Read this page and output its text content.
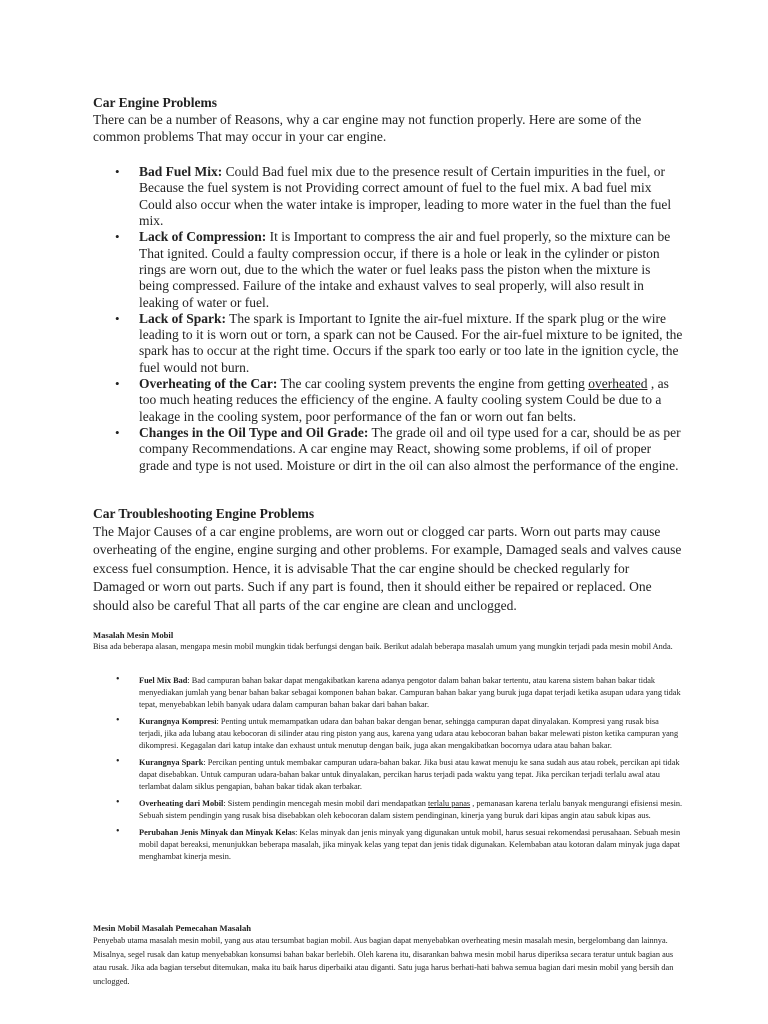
Car Engine Problems

There can be a number of Reasons, why a car engine may not function properly. Here are some of the common problems That may occur in your car engine.

• Bad Fuel Mix: Could Bad fuel mix due to the presence result of Certain impurities in the fuel, or Because the fuel system is not Providing correct amount of fuel to the fuel mix. A bad fuel mix Could also occur when the water intake is improper, leading to more water in the fuel than the fuel mix.
• Lack of Compression: It is Important to compress the air and fuel properly, so the mixture can be That ignited. Could a faulty compression occur, if there is a hole or leak in the cylinder or piston rings are worn out, due to the which the water or fuel leaks pass the piston when the mixture is being compressed. Failure of the intake and exhaust valves to seal properly, will also result in leaking of water or fuel.
• Lack of Spark: The spark is Important to Ignite the air-fuel mixture. If the spark plug or the wire leading to it is worn out or torn, a spark can not be Caused. For the air-fuel mixture to be ignited, the spark has to occur at the right time. Occurs if the spark too early or too late in the ignition cycle, the fuel would not burn.
• Overheating of the Car: The car cooling system prevents the engine from getting overheated , as too much heating reduces the efficiency of the engine. A faulty cooling system Could be due to a leakage in the cooling system, poor performance of the fan or worn out fan belts.
• Changes in the Oil Type and Oil Grade: The grade oil and oil type used for a car, should be as per company Recommendations. A car engine may React, showing some problems, if oil of proper grade and type is not used. Moisture or dirt in the oil can also almost the performance of the engine.
Car Troubleshooting Engine Problems

The Major Causes of a car engine problems, are worn out or clogged car parts. Worn out parts may cause overheating of the engine, engine surging and other problems. For example, Damaged seals and valves cause excess fuel consumption. Hence, it is advisable That the car engine should be checked regularly for Damaged or worn out parts. Such if any part is found, then it should either be repaired or replaced. One should also be careful That all parts of the car engine are clean and unclogged.

Masalah Mesin Mobil

Bisa ada beberapa alasan, mengapa mesin mobil mungkin tidak berfungsi dengan baik. Berikut adalah beberapa masalah umum yang mungkin terjadi pada mesin mobil Anda.

• Fuel Mix Bad: Bad campuran bahan bakar dapat mengakibatkan karena adanya pengotor dalam bahan bakar tertentu, atau karena sistem bahan bakar tidak menyediakan jumlah yang benar bahan bakar sebagai komponen bahan bakar. Campuran bahan bakar yang buruk juga dapat terjadi ketika asupan udara yang tidak tepat, menyebabkan lebih banyak udara dalam campuran bahan bakar dari bahan bakar.
• Kurangnya Kompresi: Penting untuk memampatkan udara dan bahan bakar dengan benar, sehingga campuran dapat dinyalakan. Kompresi yang rusak bisa terjadi, jika ada lubang atau kebocoran di silinder atau ring piston yang aus, karena yang udara atau kebocoran bahan bakar melewati piston ketika campuran yang dikompresi. Kegagalan dari katup intake dan exhaust untuk menutup dengan baik, juga akan mengakibatkan bocornya udara atau bahan bakar.
• Kurangnya Spark: Percikan penting untuk membakar campuran udara-bahan bakar. Jika busi atau kawat menuju ke sana sudah aus atau robek, percikan api tidak dapat disebabkan. Untuk campuran udara-bahan bakar untuk dinyalakan, percikan harus terjadi pada waktu yang tepat. Jika percikan terjadi terlalu awal atau terlambat dalam siklus pengapian, bahan bakar tidak akan terbakar.
• Overheating dari Mobil: Sistem pendingin mencegah mesin mobil dari mendapatkan terlalu panas , pemanasan karena terlalu banyak mengurangi efisiensi mesin. Sebuah sistem pendingin yang rusak bisa disebabkan oleh kebocoran dalam sistem pendinginan, kinerja yang buruk dari kipas angin atau sabuk kipas aus.
• Perubahan Jenis Minyak dan Minyak Kelas: Kelas minyak dan jenis minyak yang digunakan untuk mobil, harus sesuai rekomendasi perusahaan. Sebuah mesin mobil dapat bereaksi, menunjukkan beberapa masalah, jika minyak kelas yang tepat dan jenis tidak digunakan. Kelembaban atau kotoran dalam minyak juga dapat menghambat kinerja mesin.
Mesin Mobil Masalah Pemecahan Masalah

Penyebab utama masalah mesin mobil, yang aus atau tersumbat bagian mobil. Aus bagian dapat menyebabkan overheating mesin masalah mesin, bergelombang dan lainnya. Misalnya, segel rusak dan katup menyebabkan konsumsi bahan bakar berlebih. Oleh karena itu, disarankan bahwa mesin mobil harus diperiksa secara teratur untuk bagian aus atau rusak. Jika ada bagian tersebut ditemukan, maka itu baik harus diperbaiki atau diganti. Satu juga harus berhati-hati bahwa semua bagian dari mesin mobil yang bersih dan unclogged.
